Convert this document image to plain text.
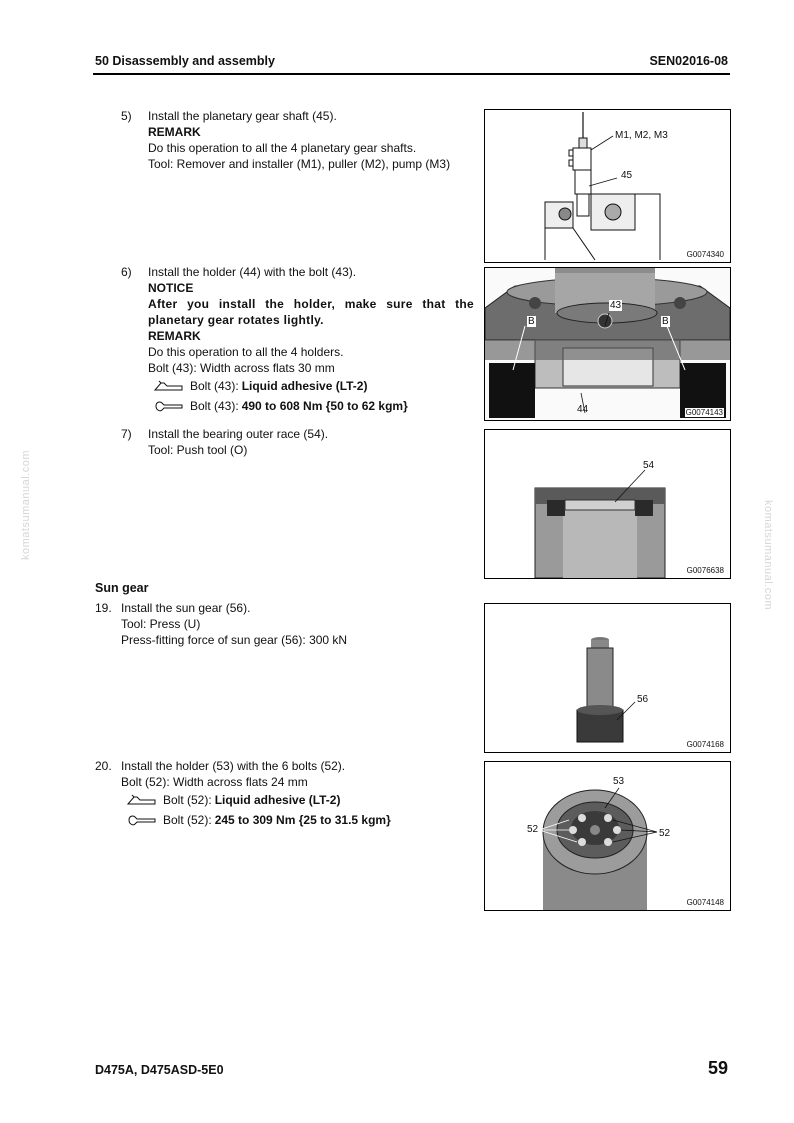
50 Disassembly and assembly	SEN02016-08
komatsumanual.com	komatsumanual.com
5) Install the planetary gear shaft (45).
REMARK
Do this operation to all the 4 planetary gear shafts.
Tool: Remover and installer (M1), puller (M2), pump (M3)
6) Install the holder (44) with the bolt (43).
NOTICE
After you install the holder, make sure that the planetary gear rotates lightly.
REMARK
Do this operation to all the 4 holders.
Bolt (43): Width across flats 30 mm
Bolt (43): Liquid adhesive (LT-2)
Bolt (43): 490 to 608 Nm {50 to 62 kgm}
7) Install the bearing outer race (54).
Tool: Push tool (O)
Sun gear
19. Install the sun gear (56).
Tool: Press (U)
Press-fitting force of sun gear (56): 300 kN
20. Install the holder (53) with the 6 bolts (52).
Bolt (52): Width across flats 24 mm
Bolt (52): Liquid adhesive (LT-2)
Bolt (52): 245 to 309 Nm {25 to 31.5 kgm}
M1, M2, M3
45
G0074340
43
B	B
44	G0074143
54
G0076638
56
G0074168
53
52	52
G0074148
D475A, D475ASD-5E0	59
